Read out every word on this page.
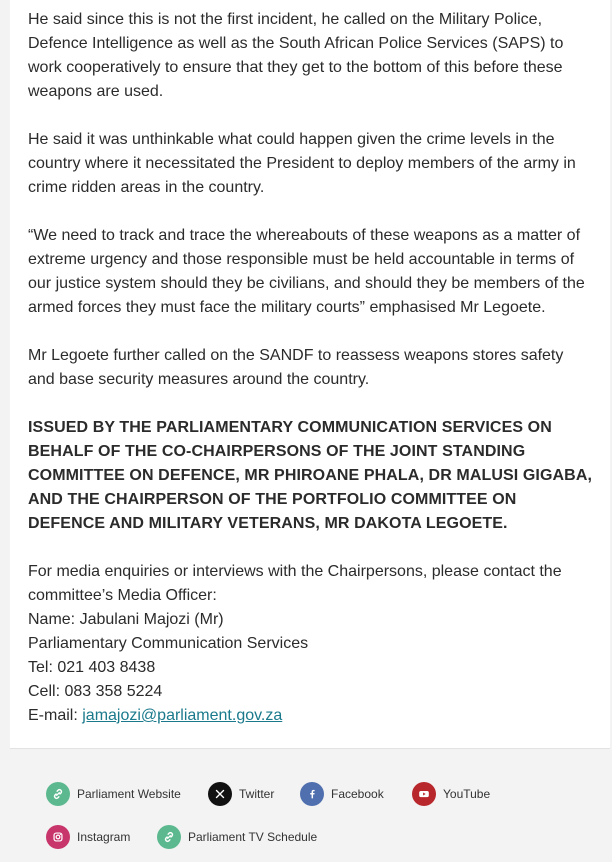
He said since this is not the first incident, he called on the Military Police, Defence Intelligence as well as the South African Police Services (SAPS) to work cooperatively to ensure that they get to the bottom of this before these weapons are used.

He said it was unthinkable what could happen given the crime levels in the country where it necessitated the President to deploy members of the army in crime ridden areas in the country.

“We need to track and trace the whereabouts of these weapons as a matter of extreme urgency and those responsible must be held accountable in terms of our justice system should they be civilians, and should they be members of the armed forces they must face the military courts” emphasised Mr Legoete.

Mr Legoete further called on the SANDF to reassess weapons stores safety and base security measures around the country.

ISSUED BY THE PARLIAMENTARY COMMUNICATION SERVICES ON BEHALF OF THE CO-CHAIRPERSONS OF THE JOINT STANDING COMMITTEE ON DEFENCE, MR PHIROANE PHALA, DR MALUSI GIGABA, AND THE CHAIRPERSON OF THE PORTFOLIO COMMITTEE ON DEFENCE AND MILITARY VETERANS, MR DAKOTA LEGOETE.

For media enquiries or interviews with the Chairpersons, please contact the committee’s Media Officer:
Name: Jabulani Majozi (Mr)
Parliamentary Communication Services
Tel: 021 403 8438
Cell: 083 358 5224
E-mail: jamajozi@parliament.gov.za
Parliament Website	Twitter	Facebook	YouTube
Instagram	Parliament TV Schedule
